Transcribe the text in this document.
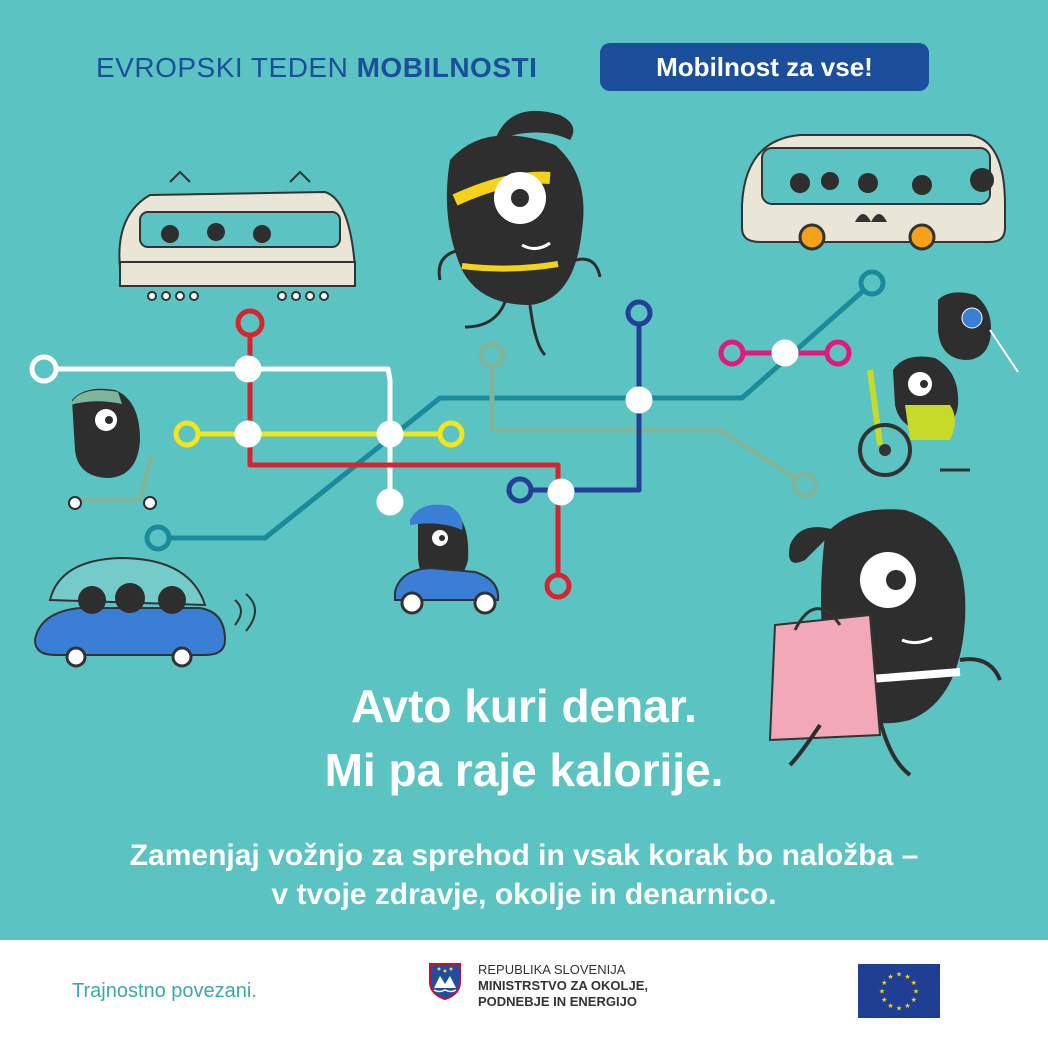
EVROPSKI TEDEN MOBILNOSTI	Mobilnost za vse!
Avto kuri denar.
Mi pa raje kalorije.
Zamenjaj vožnjo za sprehod in vsak korak bo naložba –
v tvoje zdravje, okolje in denarnico.
Trajnostno povezani.
REPUBLIKA SLOVENIJA
MINISTRSTVO ZA OKOLJE,
PODNEBJE IN ENERGIJO
★
★
★
★
★
★
★
★
★ ★ ★
★
